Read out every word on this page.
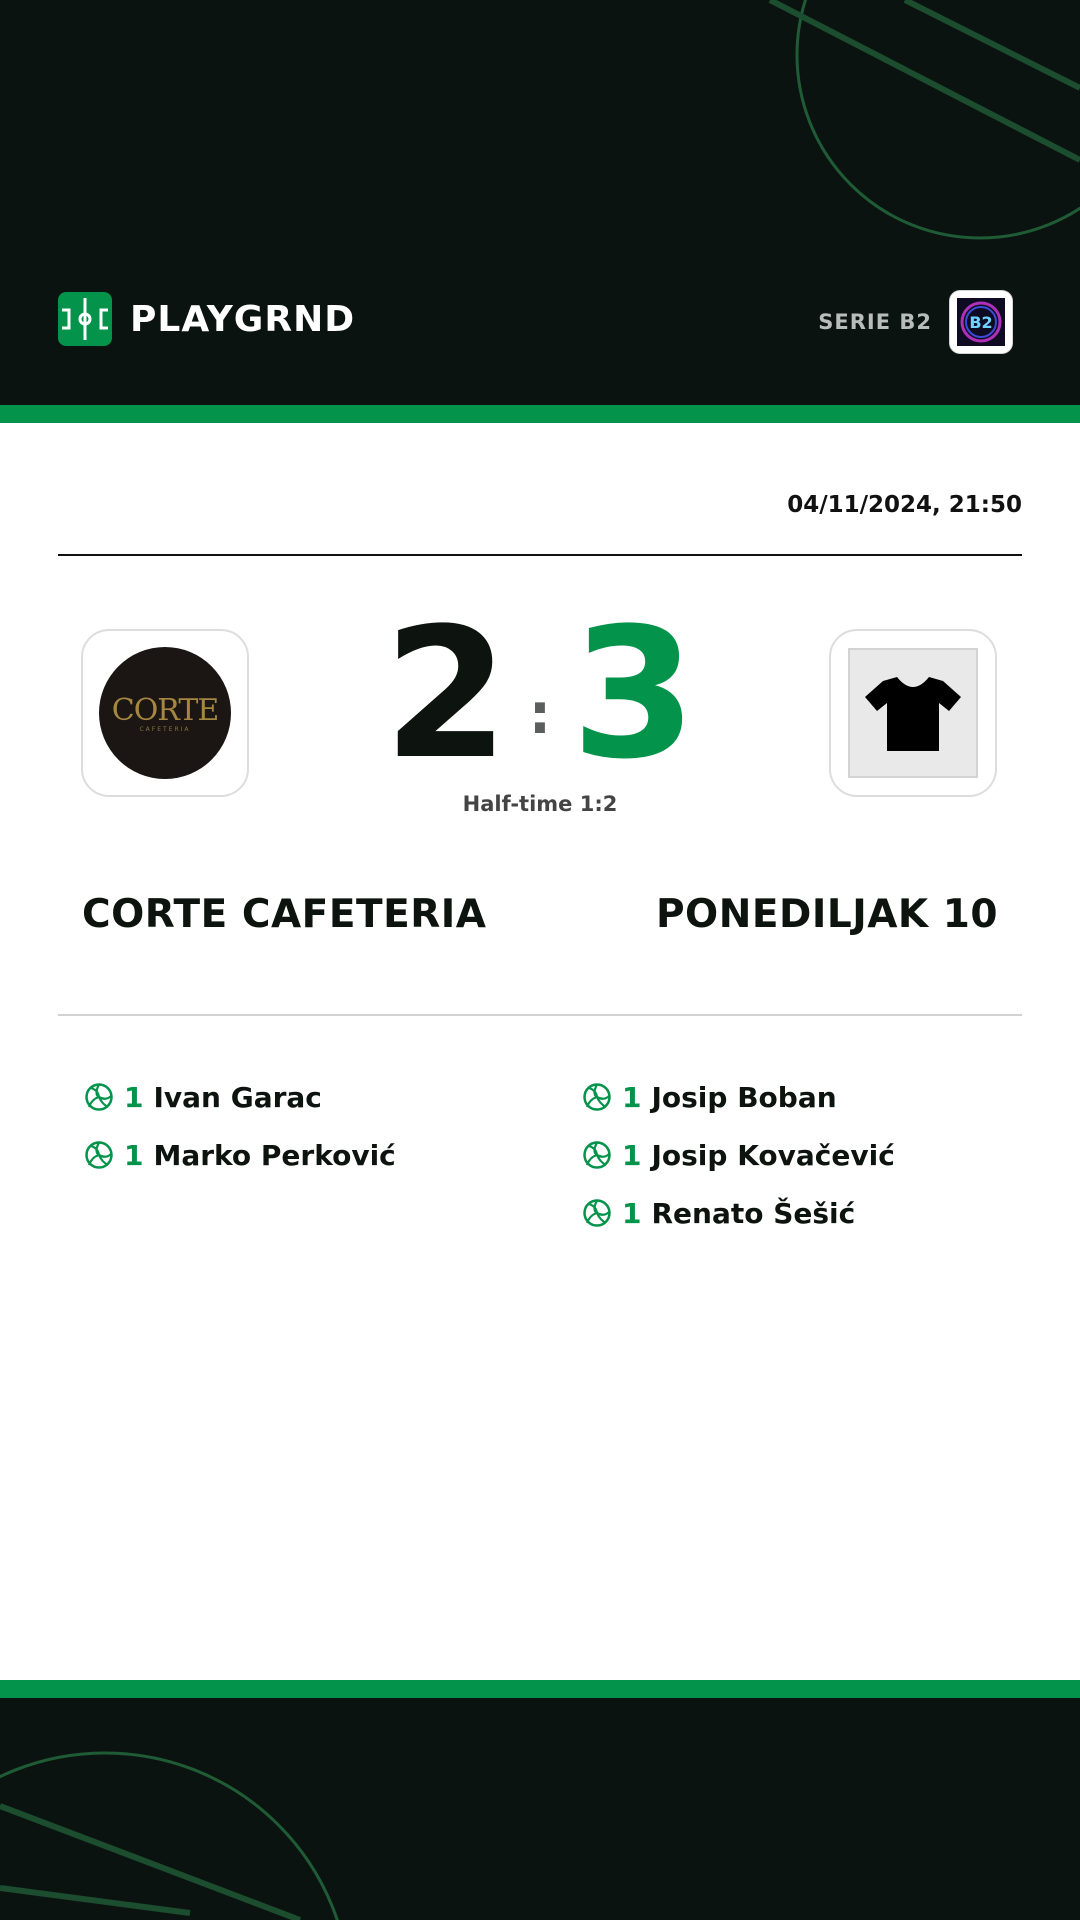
PLAYGRND	SERIE B2 B2
04/11/2024, 21:50
CORTE
CAFETERIA 2 : 3
Half-time 1:2
CORTE CAFETERIA	PONEDILJAK 10
1 Ivan Garac
1 Marko Perković
1 Josip Boban
1 Josip Kovačević
1 Renato Šešić
